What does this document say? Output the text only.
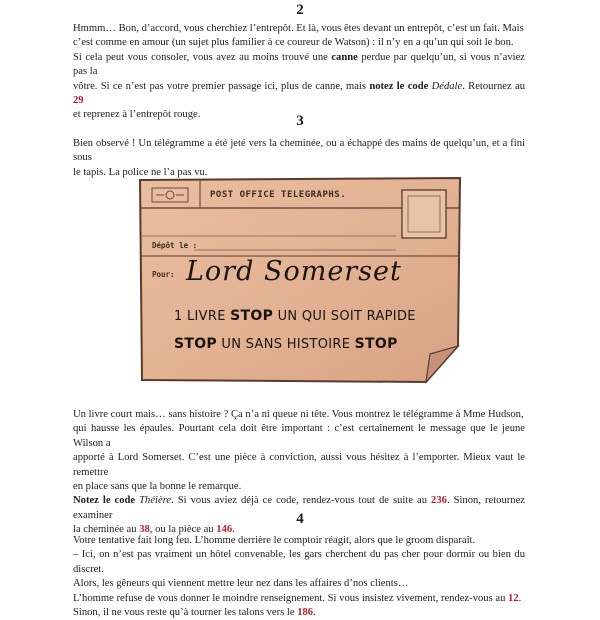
2

Hmmm… Bon, d’accord, vous cherchiez l’entrepôt. Et là, vous êtes devant un entrepôt, c’est un fait. Mais
c’est comme en amour (un sujet plus familier à ce coureur de Watson) : il n’y en a qu’un qui soit le bon.
Si cela peut vous consoler, vous avez au moins trouvé une canne perdue par quelqu’un, si vous n’aviez pas la
vôtre. Si ce n’est pas votre premier passage ici, plus de canne, mais notez le code Dédale. Retournez au 29
et reprenez à l’entrepôt rouge.	3

Bien observé ! Un télégramme a été jeté vers la cheminée, ou a échappé des mains de quelqu’un, et a fini sous
le tapis. La police ne l’a pas vu.

POST OFFICE TELEGRAPHS.
Dépôt le :
Pour: Lord Somerset
1 LIVRE STOP UN QUI SOIT RAPIDE
STOP UN SANS HISTOIRE STOP

Un livre court mais… sans histoire ? Ça n’a ni queue ni tête. Vous montrez le télégramme à Mme Hudson,
qui hausse les épaules. Pourtant cela doit être important : c’est certainement le message que le jeune Wilson a
apporté à Lord Somerset. C’est une pièce à conviction, aussi vous hésitez à l’emporter. Mieux vaut le remettre
en place sans que la bonne le remarque.
Notez le code Théière. Si vous aviez déjà ce code, rendez-vous tout de suite au 236. Sinon, retournez examiner
la cheminée au 38, ou la pièce au 146.

4

Votre tentative fait long feu. L’homme derrière le comptoir réagit, alors que le groom disparaît.
– Ici, on n’est pas vraiment un hôtel convenable, les gars cherchent du pas cher pour dormir ou bien du discret.
Alors, les gêneurs qui viennent mettre leur nez dans les affaires d’nos clients…
L’homme refuse de vous donner le moindre renseignement. Si vous insistez vivement, rendez-vous au 12.
Sinon, il ne vous reste qu’à tourner les talons vers le 186.
